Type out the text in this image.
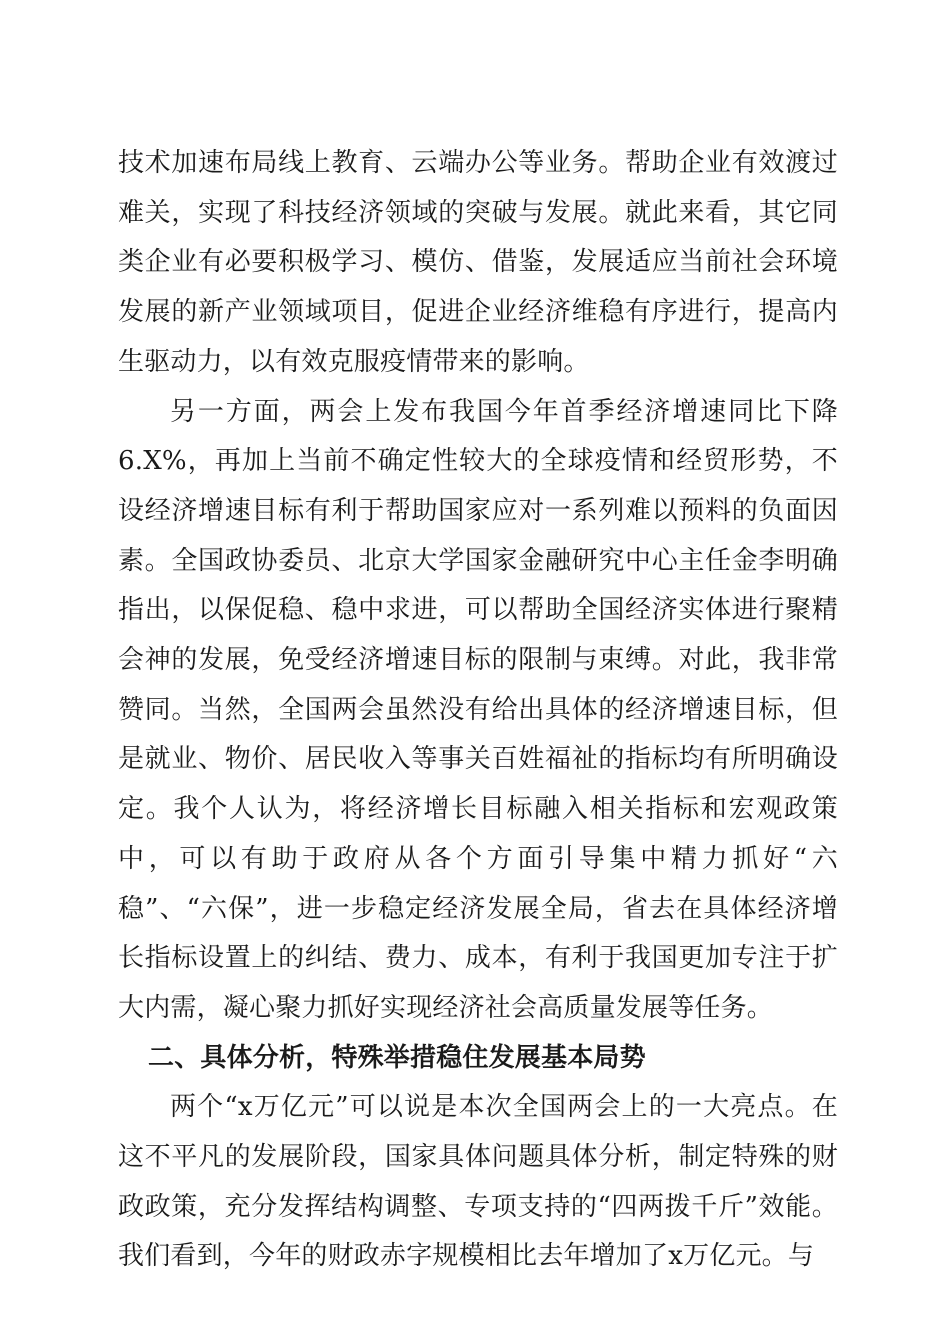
技术加速布局线上教育、云端办公等业务。帮助企业有效渡过难关，实现了科技经济领域的突破与发展。就此来看，其它同类企业有必要积极学习、模仿、借鉴，发展适应当前社会环境发展的新产业领域项目，促进企业经济维稳有序进行，提高内生驱动力，以有效克服疫情带来的影响。

另一方面，两会上发布我国今年首季经济增速同比下降6.X%，再加上当前不确定性较大的全球疫情和经贸形势，不设经济增速目标有利于帮助国家应对一系列难以预料的负面因素。全国政协委员、北京大学国家金融研究中心主任金李明确指出，以保促稳、稳中求进，可以帮助全国经济实体进行聚精会神的发展，免受经济增速目标的限制与束缚。对此，我非常赞同。当然，全国两会虽然没有给出具体的经济增速目标，但是就业、物价、居民收入等事关百姓福祉的指标均有所明确设定。我个人认为，将经济增长目标融入相关指标和宏观政策中，可以有助于政府从各个方面引导集中精力抓好“六稳”、“六保”，进一步稳定经济发展全局，省去在具体经济增长指标设置上的纠结、费力、成本，有利于我国更加专注于扩大内需，凝心聚力抓好实现经济社会高质量发展等任务。

二、具体分析，特殊举措稳住发展基本局势

两个“x万亿元”可以说是本次全国两会上的一大亮点。在这不平凡的发展阶段，国家具体问题具体分析，制定特殊的财政政策，充分发挥结构调整、专项支持的“四两拨千斤”效能。我们看到，今年的财政赤字规模相比去年增加了x万亿元。与
